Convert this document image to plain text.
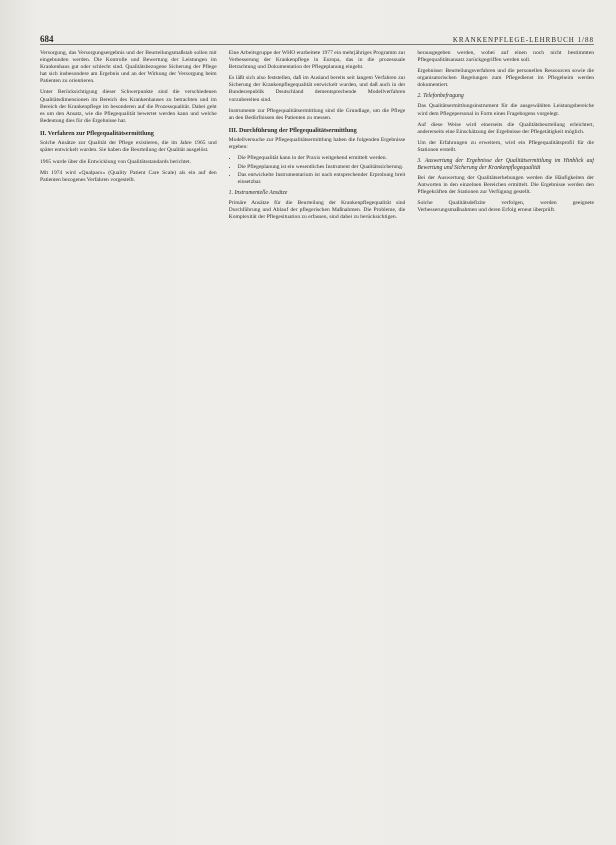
684	KRANKENPFLEGE-LEHRBUCH 1/88

Versorgung, das Versorgungsergebnis und der Beurteilungsmaßstab sollen mit eingebunden werden. Die Kontrolle und Bewertung der Leistungen im Krankenhaus gut oder schlecht sind. Qualitätsbezogene Sicherung der Pflege hat sich insbesondere am Ergebnis und an der Wirkung der Versorgung beim Patienten zu orientieren.

Unter Berücksichtigung dieser Schwerpunkte sind die verschiedenen Qualitätsdimensionen im Bereich des Krankenhauses zu betrachten und im Bereich der Krankenpflege im besonderen auf die Prozessqualität. Dabei geht es um den Ansatz, wie die Pflegequalität bewertet werden kann und welche Bedeutung dies für die Ergebnisse hat.

II. Verfahren zur Pflegequalitätsermittlung

Solche Ansätze zur Qualität der Pflege existieren, die im Jahre 1965 und später entwickelt wurden. Sie haben die Beurteilung der Qualität ausgelöst.

1965 wurde über die Entwicklung von Qualitätsstandards berichtet.

Mit 1974 wird »Qualpacs« (Quality Patient Care Scale) als ein auf den Patienten bezogenes Verfahren vorgestellt.

Eine Arbeitsgruppe der WHO erarbeitete 1977 ein mehrjähriges Programm zur Verbesserung der Krankenpflege in Europa, das in die prozessuale Betrachtung und Dokumentation der Pflegeplanung eingeht.

Es läßt sich also feststellen, daß im Ausland bereits seit langem Verfahren zur Sicherung der Krankenpflegequalität entwickelt wurden, und daß auch in der Bundesrepublik Deutschland dementsprechende Modellverfahren vorzubereiten sind.

Instrumente zur Pflegequalitätsermittlung sind die Grundlage, um die Pflege an den Bedürfnissen des Patienten zu messen.

III. Durchführung der Pflegequalitätsermittlung

Modellversuche zur Pflegequalitätsermittlung haben die folgenden Ergebnisse ergeben:

• Die Pflegequalität kann in der Praxis weitgehend ermittelt werden.
• Die Pflegeplanung ist ein wesentliches Instrument der Qualitätssicherung.
• Das entwickelte Instrumentarium ist nach entsprechender Erprobung breit einsetzbar.
1. Instrumentelle Ansätze

Primäre Ansätze für die Beurteilung der Krankenpflegequalität sind Durchführung und Ablauf der pflegerischen Maßnahmen. Die Probleme, die Komplexität der Pflegesituation zu erfassen, sind dabei zu berücksichtigen.

herausgegeben werden, wobei auf einen noch nicht bestimmten Pflegequalitätsansatz zurückgegriffen werden soll.

Ergebnisse: Beurteilungsverfahren und die personellen Ressourcen sowie die organisatorischen Regelungen zum Pflegedienst im Pflegeheim werden dokumentiert.

2. Telefonbefragung

Das Qualitätsermittlungsinstrument für die ausgewählten Leistungsbereiche wird dem Pflegepersonal in Form eines Fragebogens vorgelegt.

Auf diese Weise wird einerseits die Qualitätsbeurteilung erleichtert, andererseits eine Einschätzung der Ergebnisse der Pflegetätigkeit möglich.

Um der Erfahrungen zu erweitern, wird ein Pflegequalitätsprofil für die Stationen erstellt.

3. Auswertung der Ergebnisse der Qualitätsermittlung im Hinblick auf Bewertung und Sicherung der Krankenpflegequalität

Bei der Auswertung der Qualitätserhebungen werden die Häufigkeiten der Antworten in den einzelnen Bereichen ermittelt. Die Ergebnisse werden den Pflegekräften der Stationen zur Verfügung gestellt.

Solche Qualitätsdefizite verfolgen, werden geeignete Verbesserungsmaßnahmen und deren Erfolg erneut überprüft.
